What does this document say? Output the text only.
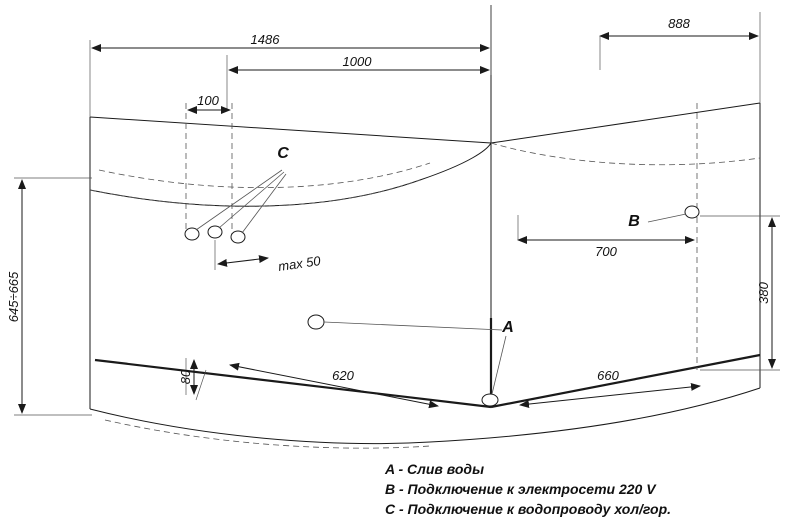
1486
1000
888
100
645÷665
C
max 50
B
700
380
A
620	660
80
A - Слив воды
B - Подключение к электросети 220 V
C - Подключение к водопроводу хол/гор.
